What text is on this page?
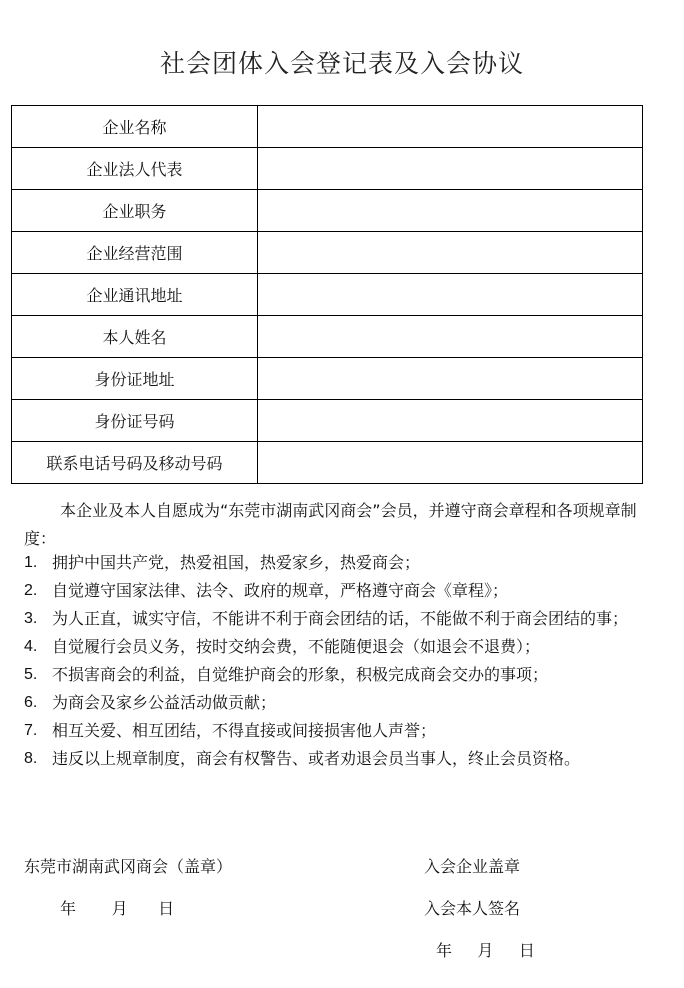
社会团体入会登记表及入会协议
企业名称	
企业法人代表	
企业职务	
企业经营范围	
企业通讯地址	
本人姓名	
身份证地址	
身份证号码	
联系电话号码及移动号码	
本企业及本人自愿成为“东莞市湖南武冈商会”会员，并遵守商会章程和各项规章制度：
1. 拥护中国共产党，热爱祖国，热爱家乡，热爱商会；
2. 自觉遵守国家法律、法令、政府的规章，严格遵守商会《章程》；
3. 为人正直，诚实守信，不能讲不利于商会团结的话，不能做不利于商会团结的事；
4. 自觉履行会员义务，按时交纳会费，不能随便退会（如退会不退费）；
5. 不损害商会的利益，自觉维护商会的形象，积极完成商会交办的事项；
6. 为商会及家乡公益活动做贡献；
7. 相互关爱、相互团结，不得直接或间接损害他人声誉；
8. 违反以上规章制度，商会有权警告、或者劝退会员当事人，终止会员资格。
东莞市湖南武冈商会（盖章）
年       月      日
入会企业盖章
入会本人签名
年     月     日
